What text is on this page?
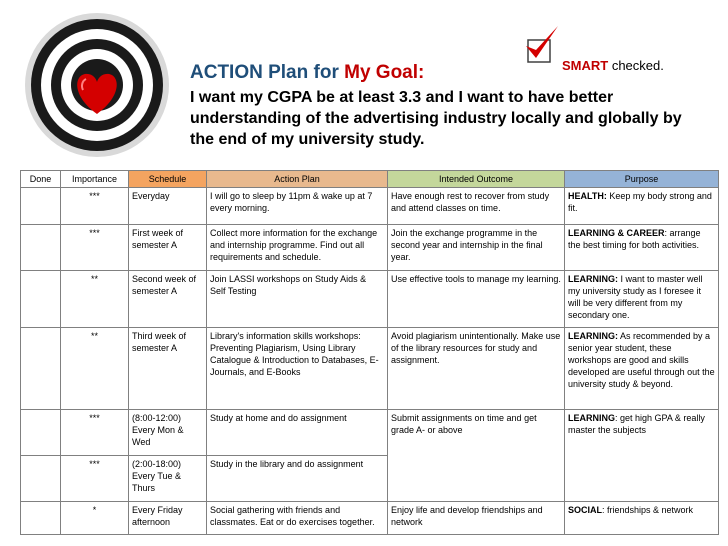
SMART checked.
ACTION Plan for My Goal:
I want my CGPA be at least 3.3 and I want to have better understanding of the advertising industry locally and globally by the end of my university study.
Done	Importance	Schedule	Action Plan	Intended Outcome	Purpose
	***	Everyday	I will go to sleep by 11pm & wake up at 7 every morning.	Have enough rest to recover from study and attend classes on time.	HEALTH: Keep my body strong and fit.
	***	First week of semester A	Collect more information for the exchange and internship programme. Find out all requirements and schedule.	Join the exchange programme in the second year and internship in the final year.	LEARNING & CAREER: arrange the best timing for both activities.
	**	Second week of semester A	Join LASSI workshops on Study Aids & Self Testing	Use effective tools to manage my learning.	LEARNING: I want to master well my university study as I foresee it will be very different from my secondary one.
	**	Third week of semester A	Library's information skills workshops: Preventing Plagiarism, Using Library Catalogue & Introduction to Databases, E-Journals, and E-Books	Avoid plagiarism unintentionally. Make use of the library resources for study and assignment.	LEARNING: As recommended by a senior year student, these workshops are good and skills developed are useful through out the university study & beyond.
	***	(8:00-12:00)
Every Mon &
Wed	Study at home and do assignment	Submit assignments on time and get grade A- or above	LEARNING: get high GPA & really master the subjects
	***	(2:00-18:00)
Every Tue &
Thurs	Study in the library and do assignment		
	*	Every Friday afternoon	Social gathering with friends and classmates. Eat or do exercises together.	Enjoy life and develop friendships and network	SOCIAL: friendships & network
